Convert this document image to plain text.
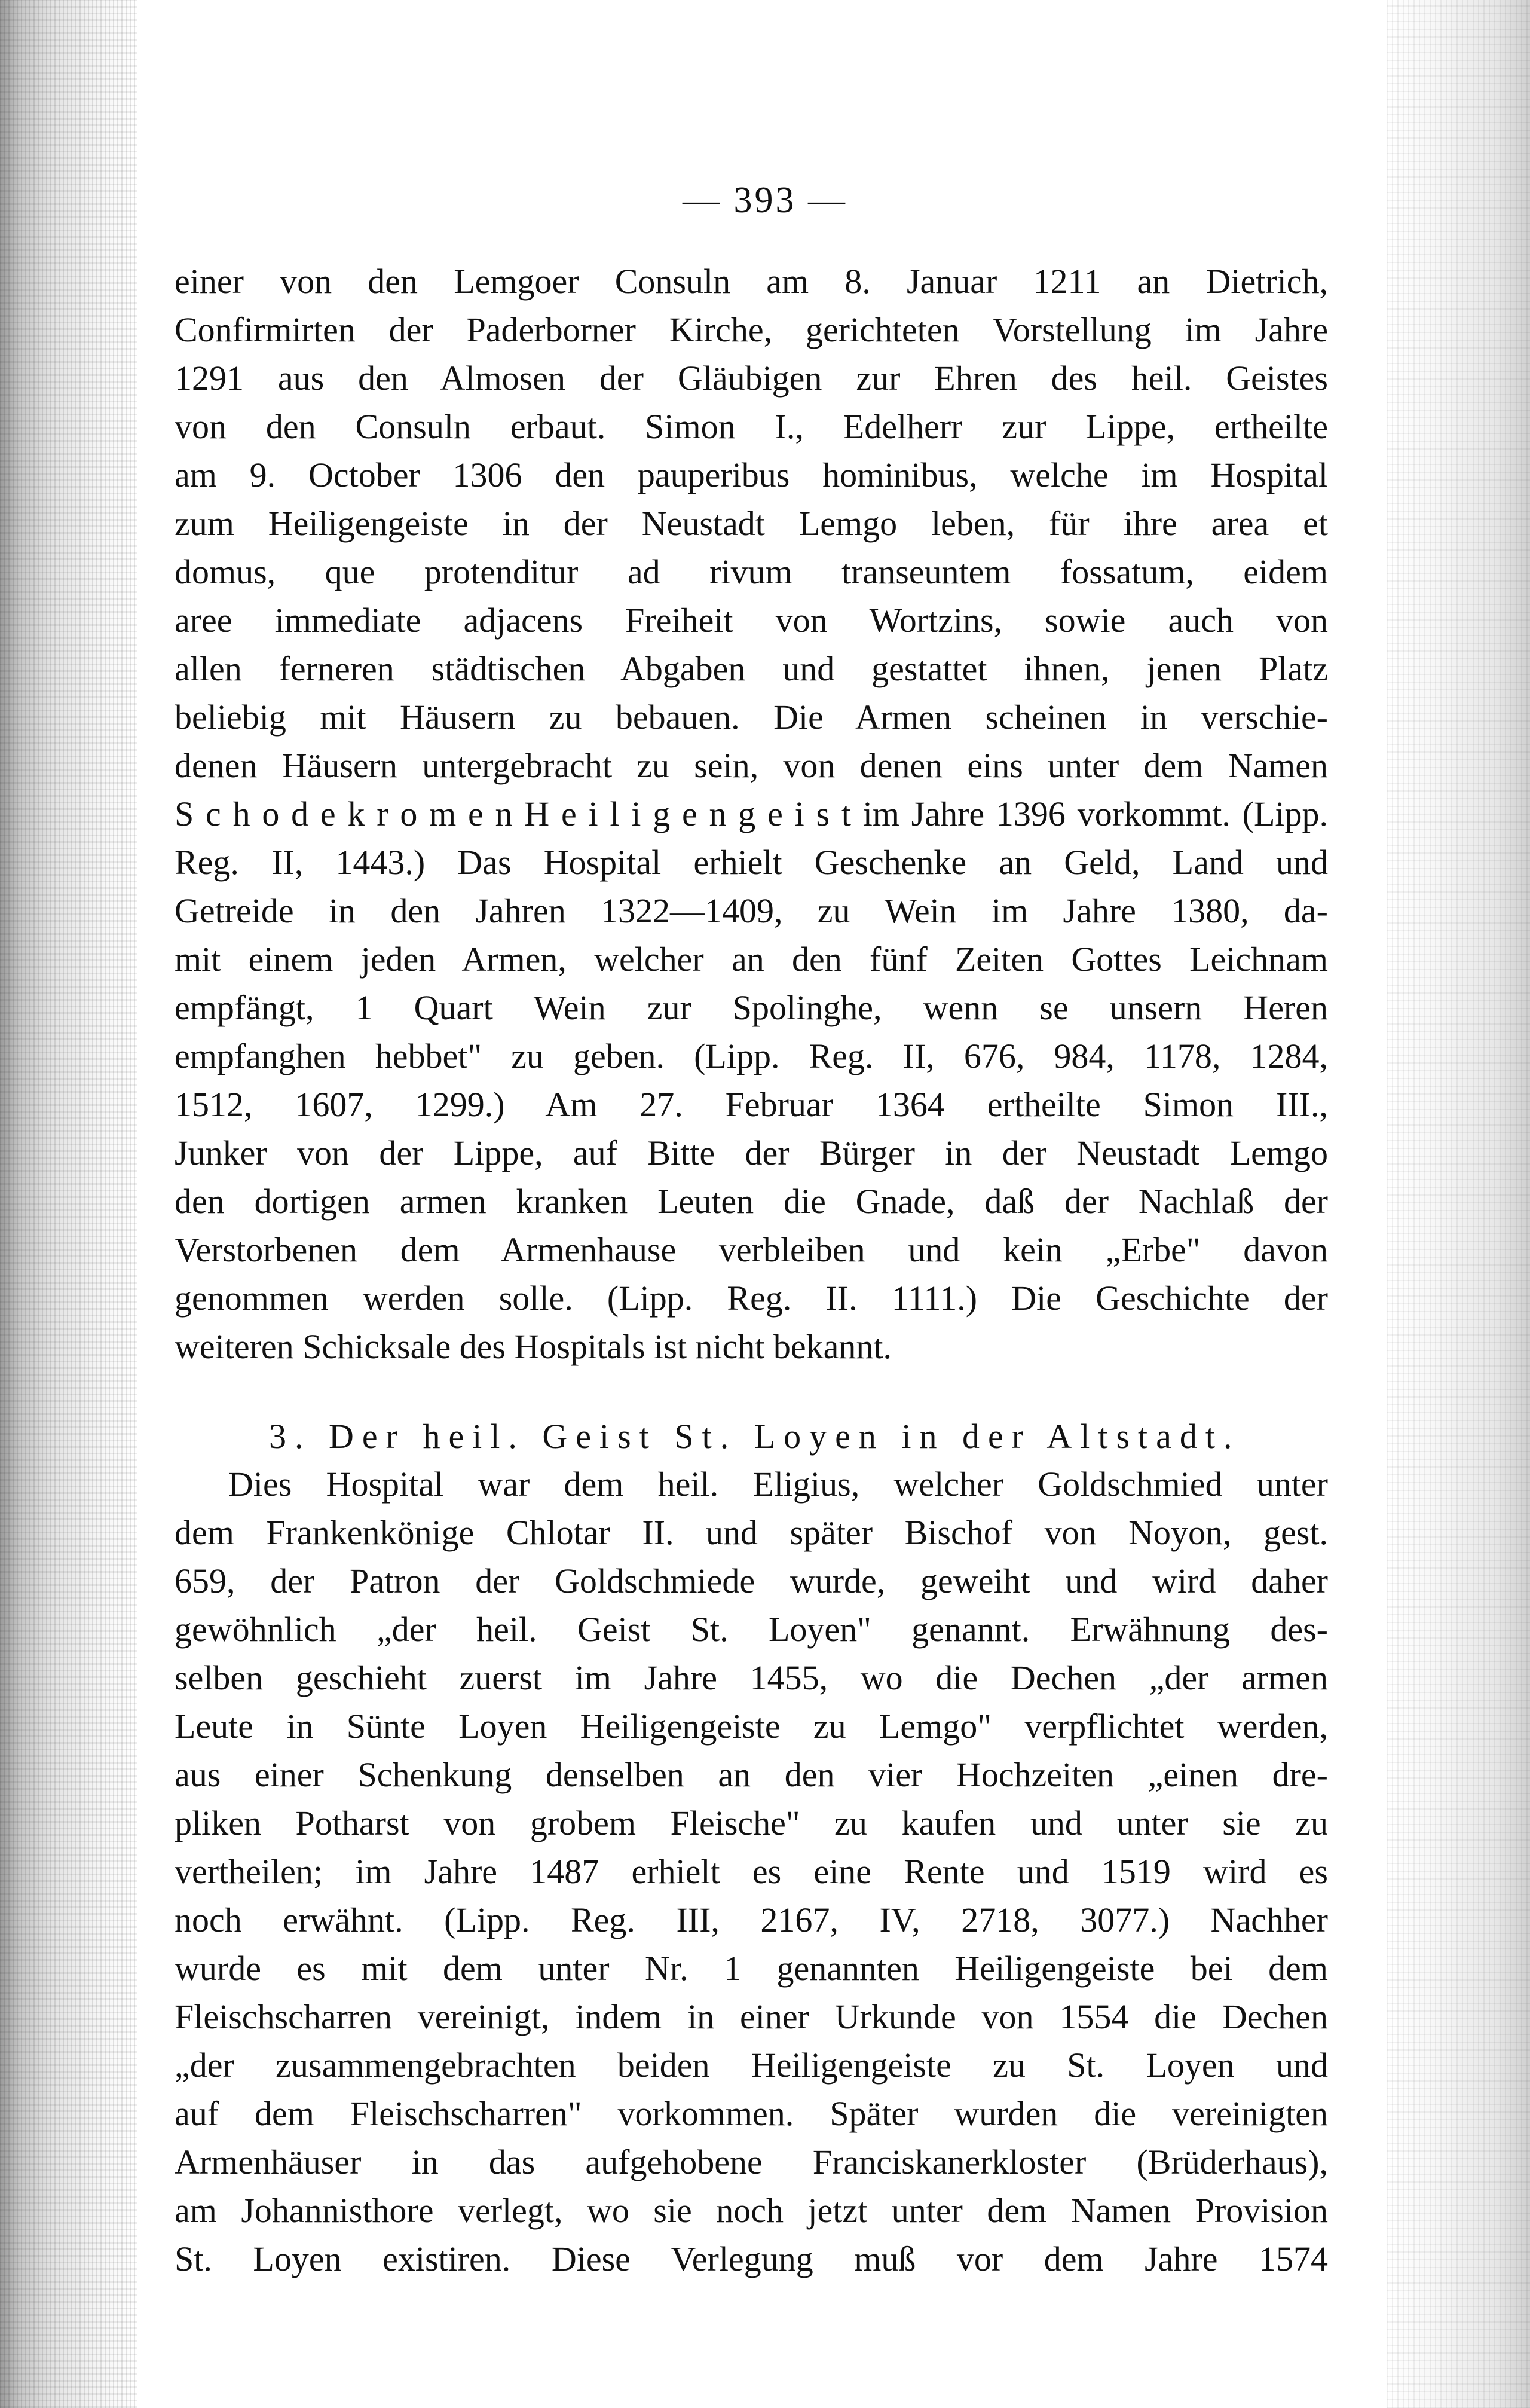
— 393 —
einer von den Lemgoer Consuln am 8. Januar 1211 an Dietrich,
Confirmirten der Paderborner Kirche, gerichteten Vorstellung im Jahre
1291 aus den Almosen der Gläubigen zur Ehren des heil. Geistes
von den Consuln erbaut. Simon I., Edelherr zur Lippe, ertheilte
am 9. October 1306 den pauperibus hominibus, welche im Hospital
zum Heiligengeiste in der Neustadt Lemgo leben, für ihre area et
domus, que protenditur ad rivum transeuntem fossatum, eidem
aree immediate adjacens Freiheit von Wortzins, sowie auch von
allen ferneren städtischen Abgaben und gestattet ihnen, jenen Platz
beliebig mit Häusern zu bebauen. Die Armen scheinen in verschie-
denen Häusern untergebracht zu sein, von denen eins unter dem Namen
S c h o d e k r o m e n H e i l i g e n g e i s t im Jahre 1396 vorkommt. (Lipp.
Reg. II, 1443.) Das Hospital erhielt Geschenke an Geld, Land und
Getreide in den Jahren 1322—1409, zu Wein im Jahre 1380, da-
mit einem jeden Armen, welcher an den fünf Zeiten Gottes Leichnam
empfängt, 1 Quart Wein zur Spolinghe, wenn se unsern Heren
empfanghen hebbet" zu geben. (Lipp. Reg. II, 676, 984, 1178, 1284,
1512, 1607, 1299.) Am 27. Februar 1364 ertheilte Simon III.,
Junker von der Lippe, auf Bitte der Bürger in der Neustadt Lemgo
den dortigen armen kranken Leuten die Gnade, daß der Nachlaß der
Verstorbenen dem Armenhause verbleiben und kein „Erbe" davon
genommen werden solle. (Lipp. Reg. II. 1111.) Die Geschichte der
weiteren Schicksale des Hospitals ist nicht bekannt.
3. Der heil. Geist St. Loyen in der Altstadt.
Dies Hospital war dem heil. Eligius, welcher Goldschmied unter
dem Frankenkönige Chlotar II. und später Bischof von Noyon, gest.
659, der Patron der Goldschmiede wurde, geweiht und wird daher
gewöhnlich „der heil. Geist St. Loyen" genannt. Erwähnung des-
selben geschieht zuerst im Jahre 1455, wo die Dechen „der armen
Leute in Sünte Loyen Heiligengeiste zu Lemgo" verpflichtet werden,
aus einer Schenkung denselben an den vier Hochzeiten „einen dre-
pliken Potharst von grobem Fleische" zu kaufen und unter sie zu
vertheilen; im Jahre 1487 erhielt es eine Rente und 1519 wird es
noch erwähnt. (Lipp. Reg. III, 2167, IV, 2718, 3077.) Nachher
wurde es mit dem unter Nr. 1 genannten Heiligengeiste bei dem
Fleischscharren vereinigt, indem in einer Urkunde von 1554 die Dechen
„der zusammengebrachten beiden Heiligengeiste zu St. Loyen und
auf dem Fleischscharren" vorkommen. Später wurden die vereinigten
Armenhäuser in das aufgehobene Franciskanerkloster (Brüderhaus),
am Johannisthore verlegt, wo sie noch jetzt unter dem Namen Provision
St. Loyen existiren. Diese Verlegung muß vor dem Jahre 1574
